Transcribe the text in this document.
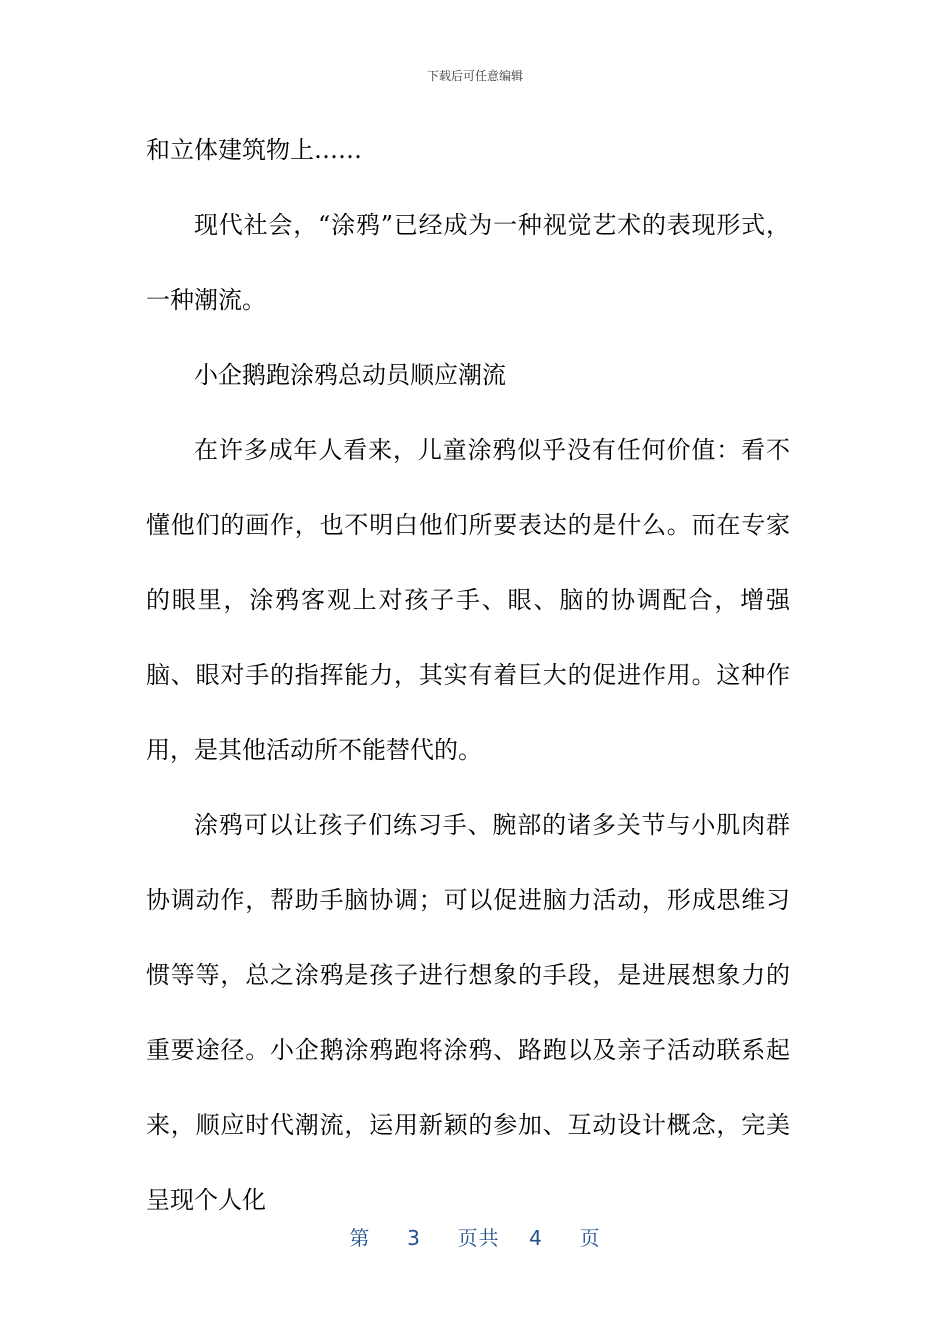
下载后可任意编辑

和立体建筑物上……

现代社会，“涂鸦”已经成为一种视觉艺术的表现形式，一种潮流。

小企鹅跑涂鸦总动员顺应潮流

在许多成年人看来，儿童涂鸦似乎没有任何价值：看不懂他们的画作，也不明白他们所要表达的是什么。而在专家的眼里，涂鸦客观上对孩子手、眼、脑的协调配合，增强脑、眼对手的指挥能力，其实有着巨大的促进作用。这种作用，是其他活动所不能替代的。

涂鸦可以让孩子们练习手、腕部的诸多关节与小肌肉群协调动作，帮助手脑协调；可以促进脑力活动，形成思维习惯等等，总之涂鸦是孩子进行想象的手段，是进展想象力的重要途径。小企鹅涂鸦跑将涂鸦、路跑以及亲子活动联系起来，顺应时代潮流，运用新颖的参加、互动设计概念，完美呈现个人化

第 3 页共 4 页
